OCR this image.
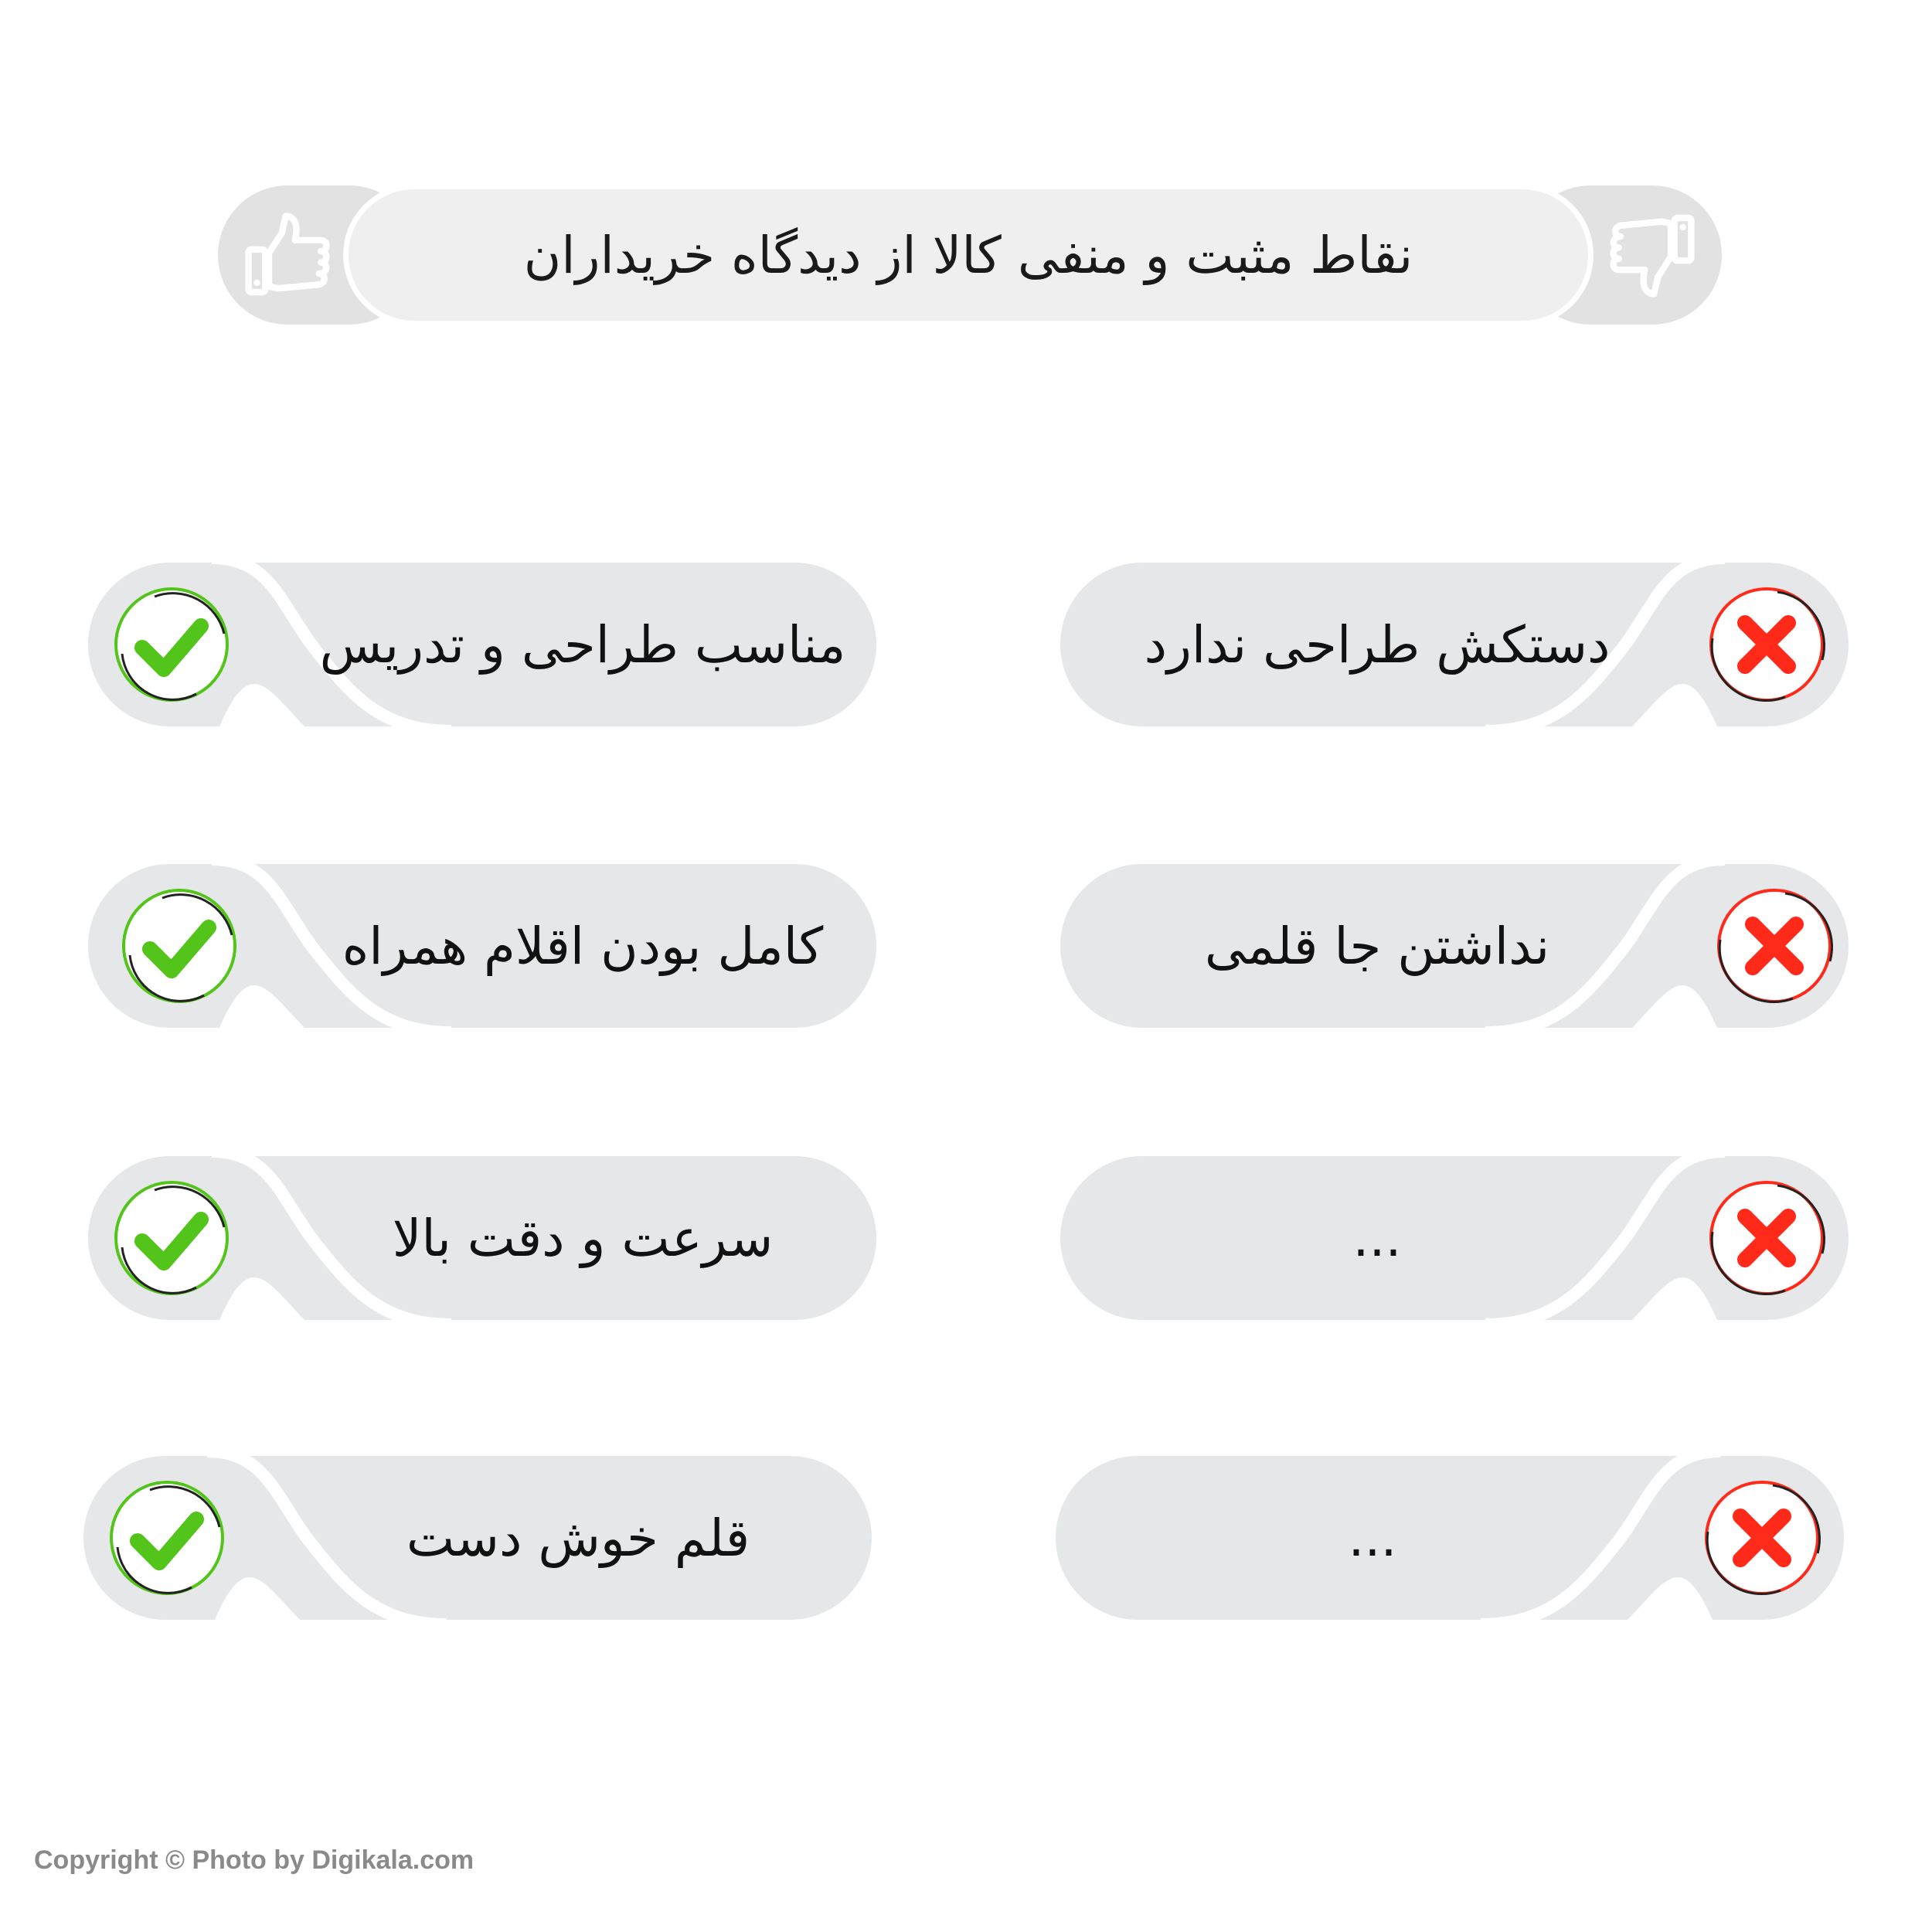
نقاط مثبت و منفی کالا از دیدگاه خریداران
مناسب طراحی و تدریس
کامل بودن اقلام همراه
سرعت و دقت بالا
قلم خوش دست
دستکش طراحی ندارد
نداشتن جا قلمی
...
...
Copyright © Photo by Digikala.com
